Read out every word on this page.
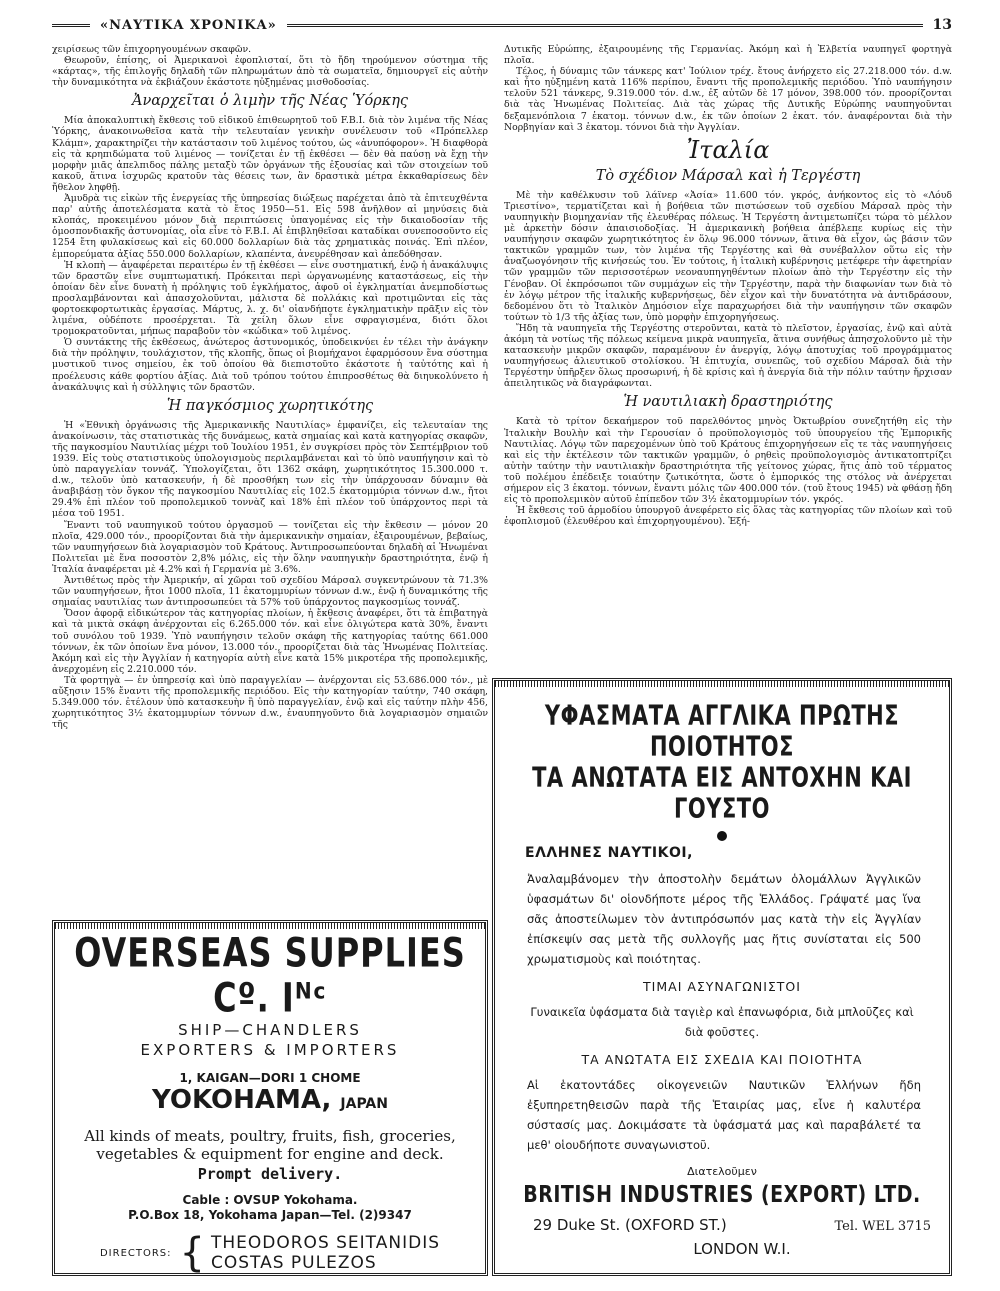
«ΝΑΥΤΙΚΑ ΧΡΟΝΙΚΑ»	13

χειρίσεως τῶν ἐπιχορηγουμένων σκαφῶν.

Θεωροῦν, ἐπίσης, οἱ Ἀμερικανοὶ ἐφοπλισταί, ὅτι τὸ ἤδη τηρούμενον σύστημα τῆς «κάρτας», τῆς ἐπιλογῆς δηλαδὴ τῶν πληρωμάτων ἀπὸ τὰ σωματεῖα, δημιουργεῖ εἰς αὐτὴν τὴν δυναμικότητα νὰ ἐκβιάζουν ἑκάστοτε ηὐξημένας μισθοδοσίας.

Ἀναρχεῖται ὁ λιμὴν τῆς Νέας Ὑόρκης

Μία ἀποκαλυπτικὴ ἔκθεσις τοῦ εἰδικοῦ ἐπιθεωρητοῦ τοῦ F.B.I. διὰ τὸν λιμένα τῆς Νέας Ὑόρκης, ἀνακοινωθεῖσα κατὰ τὴν τελευταίαν γενικὴν συνέλευσιν τοῦ «Πρόπελλερ Κλάμπ», χαρακτηρίζει τὴν κατάστασιν τοῦ λιμένος τούτου, ὡς «ἀνυπόφορον». Ἡ διαφθορὰ εἰς τὰ κρηπιδώματα τοῦ λιμένος — τονίζεται ἐν τῇ ἐκθέσει — δὲν θὰ παύσῃ νὰ ἔχῃ τὴν μορφὴν μιᾶς ἀπελπιδος πάλης μεταξὺ τῶν ὀργάνων τῆς ἐξουσίας καὶ τῶν στοιχείων τοῦ κακοῦ, ἅτινα ἰσχυρῶς κρατοῦν τὰς θέσεις των, ἂν δραστικὰ μέτρα ἐκκαθαρίσεως δὲν ἤθελον ληφθῇ.

Ἀμυδρὰ τις εἰκὼν τῆς ἐνεργείας τῆς ὑπηρεσίας διώξεως παρέχεται ἀπὸ τὰ ἐπιτευχθέντα παρ' αὐτῆς ἀποτελέσματα κατὰ τὸ ἔτος 1950—51. Εἰς 598 ἀνῆλθον αἱ μηνύσεις διὰ κλοπάς, προκειμένου μόνον διὰ περιπτώσεις ὑπαγομένας εἰς τὴν δικαιοδοσίαν τῆς ὁμοσπονδιακῆς ἀστυνομίας, οἷα εἶνε τὸ F.B.I. Αἱ ἐπιβληθεῖσαι καταδίκαι συνεποσοῦντο εἰς 1254 ἔτη φυλακίσεως καὶ εἰς 60.000 δολλαρίων διὰ τὰς χρηματικὰς ποινάς. Ἐπὶ πλέον, ἐμπορεύματα ἀξίας 550.000 δολλαρίων, κλαπέντα, ἀνευρέθησαν καὶ ἀπεδόθησαν.

Ἡ κλοπὴ — ἀναφέρεται περαιτέρω ἐν τῇ ἐκθέσει — εἶνε συστηματική, ἐνῷ ἡ ἀνακάλυψις τῶν δραστῶν εἶνε συμπτωματική. Πρόκειται περὶ ὠργανωμένης καταστάσεως, εἰς τὴν ὁποίαν δὲν εἶνε δυνατὴ ἡ πρόληψις τοῦ ἐγκλήματος, ἀφοῦ οἱ ἐγκληματίαι ἀνεμποδίστως προσλαμβάνονται καὶ ἀπασχολοῦνται, μάλιστα δὲ πολλάκις καὶ προτιμῶνται εἰς τὰς φορτοεκφορτωτικὰς ἐργασίας. Μάρτυς, λ. χ. δι' οἱανδήποτε ἐγκληματικὴν πρᾶξιν εἰς τὸν λιμένα, οὐδέποτε προσέρχεται. Τὰ χείλη ὅλων εἶνε σφραγισμένα, διότι ὅλοι τρομοκρατοῦνται, μήπως παραβοῦν τὸν «κώδικα» τοῦ λιμένος.

Ὁ συντάκτης τῆς ἐκθέσεως, ἀνώτερος ἀστυνομικός, ὑποδεικνύει ἐν τέλει τὴν ἀνάγκην διὰ τὴν πρόληψιν, τουλάχιστον, τῆς κλοπῆς, ὅπως οἱ βιομήχανοι ἐφαρμόσουν ἕνα σύστημα μυστικοῦ τινος σημείου, ἐκ τοῦ ὁποίου θὰ διεπιστοῦτο ἑκάστοτε ἡ ταὐτότης καὶ ἡ προέλευσις κάθε φορτίου ἀξίας. Διὰ τοῦ τρόπου τούτου ἐπιπροσθέτως θὰ διηυκολύνετο ἡ ἀνακάλυψις καὶ ἡ σύλληψις τῶν δραστῶν.

Ἡ παγκόσμιος χωρητικότης

Ἡ «Ἐθνικὴ ὀργάνωσις τῆς Ἀμερικανικῆς Ναυτιλίας» ἐμφανίζει, εἰς τελευταίαν της ἀνακοίνωσιν, τὰς στατιστικὰς τῆς δυνάμεως, κατὰ σημαίας καὶ κατὰ κατηγορίας σκαφῶν, τῆς παγκοσμίου Ναυτιλίας μέχρι τοῦ Ἰουλίου 1951, ἐν συγκρίσει πρὸς τὸν Σεπτέμβριον τοῦ 1939. Εἰς τοὺς στατιστικοὺς ὑπολογισμοὺς περιλαμβάνεται καὶ τὸ ὑπὸ ναυπήγησιν καὶ τὸ ὑπὸ παραγγελίαν τοννάζ. Ὑπολογίζεται, ὅτι 1362 σκάφη, χωρητικότητος 15.300.000 τ. d.w., τελοῦν ὑπὸ κατασκευήν, ἡ δὲ προσθήκη των εἰς τὴν ὑπάρχουσαν δύναμιν θὰ ἀναβιβάσῃ τὸν ὄγκον τῆς παγκοσμίου Ναυτιλίας εἰς 102.5 ἑκατομμύρια τόννων d.w., ἤτοι 29.4% ἐπὶ πλέον τοῦ προπολεμικοῦ τοννὰζ καὶ 18% ἐπὶ πλέον τοῦ ὑπάρχοντος περὶ τὰ μέσα τοῦ 1951.

Ἔναντι τοῦ ναυπηγικοῦ τούτου ὀργασμοῦ — τονίζεται εἰς τὴν ἔκθεσιν — μόνον 20 πλοῖα, 429.000 τόν., προορίζονται διὰ τὴν ἀμερικανικὴν σημαίαν, ἐξαιρουμένων, βεβαίως, τῶν ναυπηγήσεων διὰ λογαριασμὸν τοῦ Κράτους. Ἀντιπροσωπεύονται δηλαδὴ αἱ Ἡνωμέναι Πολιτεῖαι μὲ ἕνα ποσοστὸν 2,8% μόλις, εἰς τὴν ὅλην ναυπηγικὴν δραστηριότητα, ἐνῷ ἡ Ἰταλία ἀναφέρεται μὲ 4.2% καὶ ἡ Γερμανία μὲ 3.6%.

Ἀντιθέτως πρὸς τὴν Ἀμερικήν, αἱ χῶραι τοῦ σχεδίου Μάρσαλ συγκεντρώνουν τὰ 71.3% τῶν ναυπηγήσεων, ἤτοι 1000 πλοῖα, 11 ἑκατομμυρίων τόννων d.w., ἐνῷ ἡ δυναμικότης τῆς σημαίας ναυτιλίας των ἀντιπροσωπεύει τὰ 57% τοῦ ὑπάρχοντος παγκοσμίως τοννάζ.

Ὅσον ἀφορᾷ εἰδικώτερον τὰς κατηγορίας πλοίων, ἡ ἔκθεσις ἀναφέρει, ὅτι τὰ ἐπιβατηγὰ καὶ τὰ μικτὰ σκάφη ἀνέρχονται εἰς 6.265.000 τόν. καὶ εἶνε ὀλιγώτερα κατὰ 30%, ἔναντι τοῦ συνόλου τοῦ 1939. Ὑπὸ ναυπήγησιν τελοῦν σκάφη τῆς κατηγορίας ταύτης 661.000 τόννων, ἐκ τῶν ὁποίων ἕνα μόνον, 13.000 τόν., προορίζεται διὰ τὰς Ἡνωμένας Πολιτείας. Ἀκόμη καὶ εἰς τὴν Ἀγγλίαν ἡ κατηγορία αὐτὴ εἶνε κατὰ 15% μικροτέρα τῆς προπολεμικῆς, ἀνερχομένη εἰς 2.210.000 τόν.

Τὰ φορτηγὰ — ἐν ὑπηρεσίᾳ καὶ ὑπὸ παραγγελίαν — ἀνέρχονται εἰς 53.686.000 τόν., μὲ αὔξησιν 15% ἔναντι τῆς προπολεμικῆς περιόδου. Εἰς τὴν κατηγορίαν ταύτην, 740 σκάφη, 5.349.000 τόν. ἐτέλουν ὑπὸ κατασκευὴν ἢ ὑπὸ παραγγελίαν, ἐνῷ καὶ εἰς ταύτην πλὴν 456, χωρητικότητος 3½ ἑκατομμυρίων τόννων d.w., ἐναυπηγοῦντο διὰ λογαριασμὸν σημαιῶν τῆς

Δυτικῆς Εὐρώπης, ἐξαιρουμένης τῆς Γερμανίας. Ἀκόμη καὶ ἡ Ἐλβετία ναυπηγεῖ φορτηγὰ πλοῖα.

Τέλος, ἡ δύναμις τῶν τάνκερς κατ' Ἰούλιον τρέχ. ἔτους ἀνήρχετο εἰς 27.218.000 τόν. d.w. καὶ ἦτο ηὐξημένη κατὰ 116% περίπου, ἔναντι τῆς προπολεμικῆς περιόδου. Ὑπὸ ναυπήγησιν τελοῦν 521 τάνκερς, 9.319.000 τόν. d.w., ἐξ αὐτῶν δὲ 17 μόνον, 398.000 τόν. προορίζονται διὰ τὰς Ἡνωμένας Πολιτείας. Διὰ τὰς χώρας τῆς Δυτικῆς Εὐρώπης ναυπηγοῦνται δεξαμενόπλοια 7 ἑκατομ. τόννων d.w., ἐκ τῶν ὁποίων 2 ἑκατ. τόν. ἀναφέρονται διὰ τὴν Νορβηγίαν καὶ 3 ἑκατομ. τόννοι διὰ τὴν Ἀγγλίαν.

Ἰταλία
Τὸ σχέδιον Μάρσαλ καὶ ἡ Τεργέστη

Μὲ τὴν καθέλκυσιν τοῦ λάϊνερ «Ἀσία» 11.600 τόν. γκρός, ἀνήκοντος εἰς τὸ «Λόυδ Τριεστίνο», τερματίζεται καὶ ἡ βοήθεια τῶν πιστώσεων τοῦ σχεδίου Μάρσαλ πρὸς τὴν ναυπηγικὴν βιομηχανίαν τῆς ἐλευθέρας πόλεως. Ἡ Τεργέστη ἀντιμετωπίζει τώρα τὸ μέλλον μὲ ἀρκετὴν δόσιν ἀπαισιοδοξίας. Ἡ ἀμερικανικὴ βοήθεια ἀπέβλεπε κυρίως εἰς τὴν ναυπήγησιν σκαφῶν χωρητικότητος ἐν ὅλῳ 96.000 τόννων, ἅτινα θὰ εἶχον, ὡς βάσιν τῶν τακτικῶν γραμμῶν των, τὸν λιμένα τῆς Τεργέστης καὶ θὰ συνέβαλλον οὕτω εἰς τὴν ἀναζωογόνησιν τῆς κινήσεώς του. Ἐν τούτοις, ἡ ἰταλικὴ κυβέρνησις μετέφερε τὴν ἀφετηρίαν τῶν γραμμῶν τῶν περισσοτέρων νεοναυπηγηθέντων πλοίων ἀπὸ τὴν Τεργέστην εἰς τὴν Γένοβαν. Οἱ ἐκπρόσωποι τῶν συμμάχων εἰς τὴν Τεργέστην, παρὰ τὴν διαφωνίαν των διὰ τὸ ἐν λόγῳ μέτρον τῆς ἰταλικῆς κυβερνήσεως, δὲν εἶχον καὶ τὴν δυνατότητα νὰ ἀντιδράσουν, δεδομένου ὅτι τὸ Ἰταλικὸν Δημόσιον εἶχε παραχωρήσει διὰ τὴν ναυπήγησιν τῶν σκαφῶν τούτων τὸ 1/3 τῆς ἀξίας των, ὑπὸ μορφὴν ἐπιχορηγήσεως.

Ἤδη τὰ ναυπηγεῖα τῆς Τεργέστης στεροῦνται, κατὰ τὸ πλεῖστον, ἐργασίας, ἐνῷ καὶ αὐτὰ ἀκόμη τὰ νοτίως τῆς πόλεως κείμενα μικρὰ ναυπηγεῖα, ἅτινα συνήθως ἀπησχολοῦντο μὲ τὴν κατασκευὴν μικρῶν σκαφῶν, παραμένουν ἐν ἀνεργίᾳ, λόγῳ ἀποτυχίας τοῦ προγράμματος ναυπηγήσεως ἁλιευτικοῦ στολίσκου. Ἡ ἐπιτυχία, συνεπῶς, τοῦ σχεδίου Μάρσαλ διὰ τὴν Τεργέστην ὑπῆρξεν ὅλως προσωρινή, ἡ δὲ κρίσις καὶ ἡ ἀνεργία διὰ τὴν πόλιν ταύτην ἤρχισαν ἀπειλητικῶς νὰ διαγράφωνται.

Ἡ ναυτιλιακὴ δραστηριότης

Κατὰ τὸ τρίτον δεκαήμερον τοῦ παρελθόντος μηνὸς Ὀκτωβρίου συνεζητήθη εἰς τὴν Ἰταλικὴν Βουλὴν καὶ τὴν Γερουσίαν ὁ προϋπολογισμὸς τοῦ ὑπουργείου τῆς Ἐμπορικῆς Ναυτιλίας. Λόγῳ τῶν παρεχομένων ὑπὸ τοῦ Κράτους ἐπιχορηγήσεων εἴς τε τὰς ναυπηγήσεις καὶ εἰς τὴν ἐκτέλεσιν τῶν τακτικῶν γραμμῶν, ὁ ρηθεὶς προϋπολογισμὸς ἀντικατοπτρίζει αὐτὴν ταύτην τὴν ναυτιλιακὴν δραστηριότητα τῆς γείτονος χώρας, ἥτις ἀπὸ τοῦ τέρματος τοῦ πολέμου ἐπέδειξε τοιαύτην ζωτικότητα, ὥστε ὁ ἐμπορικός της στόλος νὰ ἀνέρχεται σήμερον εἰς 3 ἑκατομ. τόννων, ἔναντι μόλις τῶν 400.000 τόν. (τοῦ ἔτους 1945) νὰ φθάσῃ ἤδη εἰς τὸ προπολεμικὸν αὐτοῦ ἐπίπεδον τῶν 3½ ἑκατομμυρίων τόν. γκρός.

Ἡ ἔκθεσις τοῦ ἁρμοδίου ὑπουργοῦ ἀνεφέρετο εἰς ὅλας τὰς κατηγορίας τῶν πλοίων καὶ τοῦ ἐφοπλισμοῦ (ἐλευθέρου καὶ ἐπιχορηγουμένου). Ἐξή-

OVERSEAS SUPPLIES Cº. Iᴺᶜ
SHIP—CHANDLERS
EXPORTERS & IMPORTERS
1, KAIGAN—DORI 1 CHOME
YOKOHAMA, JAPAN
All kinds of meats, poultry, fruits, fish, groceries, vegetables & equipment for engine and deck.
Prompt delivery.
Cable : OVSUP Yokohama.
P.O.Box 18, Yokohama Japan—Tel. (2)9347
DIRECTORS: { THEODOROS SEITANIDIS
COSTAS PULEZOS
ΥΦΑΣΜΑΤΑ ΑΓΓΛΙΚΑ ΠΡΩΤΗΣ ΠΟΙΟΤΗΤΟΣ
ΤΑ ΑΝΩΤΑΤΑ ΕΙΣ ΑΝΤΟΧΗΝ ΚΑΙ ΓΟΥΣΤΟ
ΕΛΛΗΝΕΣ ΝΑΥΤΙΚΟΙ,
Ἀναλαμβάνομεν τὴν ἀποστολὴν δεμάτων ὁλομάλλων Ἀγγλικῶν ὑφασμάτων δι' οἱονδήποτε μέρος τῆς Ἑλλάδος. Γράψατέ μας ἵνα σᾶς ἀποστείλωμεν τὸν ἀντιπρόσωπόν μας κατὰ τὴν εἰς Ἀγγλίαν ἐπίσκεψίν σας μετὰ τῆς συλλογῆς μας ἥτις συνίσταται εἰς 500 χρωματισμοὺς καὶ ποιότητας.
ΤΙΜΑΙ ΑΣΥΝΑΓΩΝΙΣΤΟΙ
Γυναικεῖα ὑφάσματα διὰ ταγιὲρ καὶ ἐπανωφόρια, διὰ μπλοῦζες καὶ διὰ φοῦστες.
ΤΑ ΑΝΩΤΑΤΑ ΕΙΣ ΣΧΕΔΙΑ ΚΑΙ ΠΟΙΟΤΗΤΑ
Αἱ ἑκατοντάδες οἰκογενειῶν Ναυτικῶν Ἑλλήνων ἤδη ἐξυπηρετηθεισῶν παρὰ τῆς Ἑταιρίας μας, εἶνε ἡ καλυτέρα σύστασίς μας. Δοκιμάσατε τὰ ὑφάσματά μας καὶ παραβάλετέ τα μεθ' οἱουδήποτε συναγωνιστοῦ.
Διατελοῦμεν
BRITISH INDUSTRIES (EXPORT) LTD.
29 Duke St. (OXFORD ST.)	Tel. WEL 3715
LONDON W.I.
